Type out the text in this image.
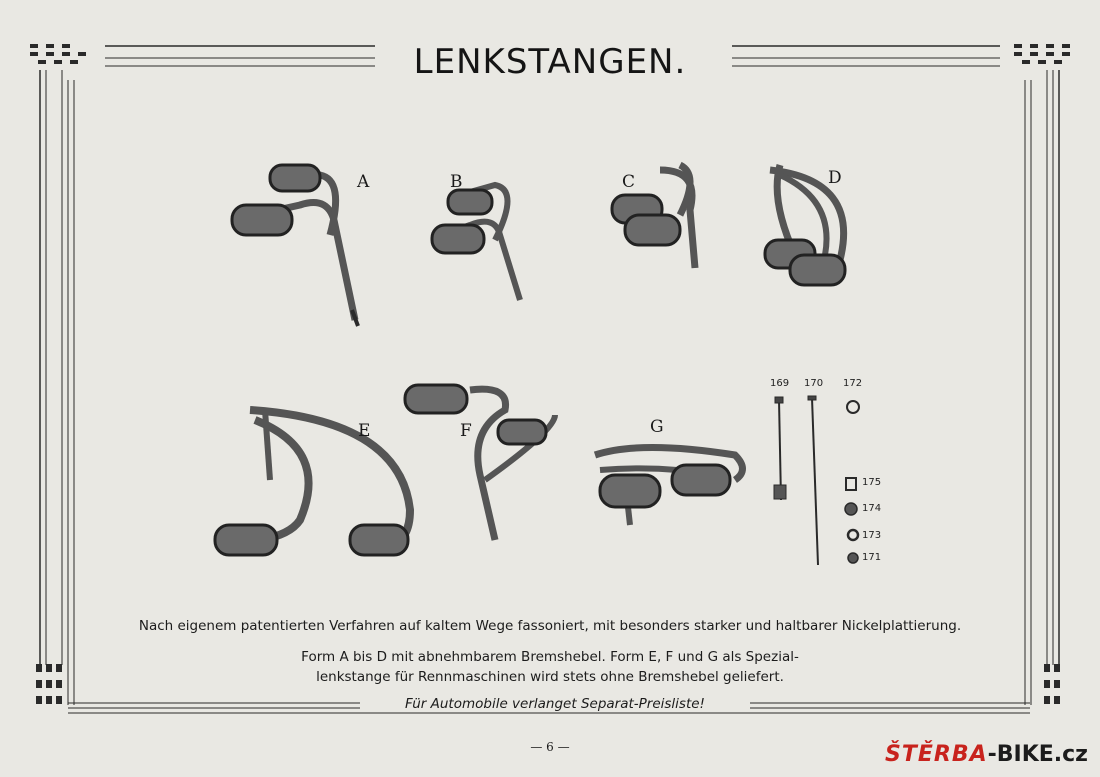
LENKSTANGEN.
A	B	C	D
E	F	G
169 170 172
175
174
173
171
Nach eigenem patentierten Verfahren auf kaltem Wege fassoniert, mit besonders starker und haltbarer Nickelplattierung.
Form A bis D mit abnehmbarem Bremshebel. Form E, F und G als Spezial-
lenkstange für Rennmaschinen wird stets ohne Bremshebel geliefert.
Für Automobile verlanget Separat-Preisliste!
— 6 —	ŠTĚRBA-BIKE.cz
